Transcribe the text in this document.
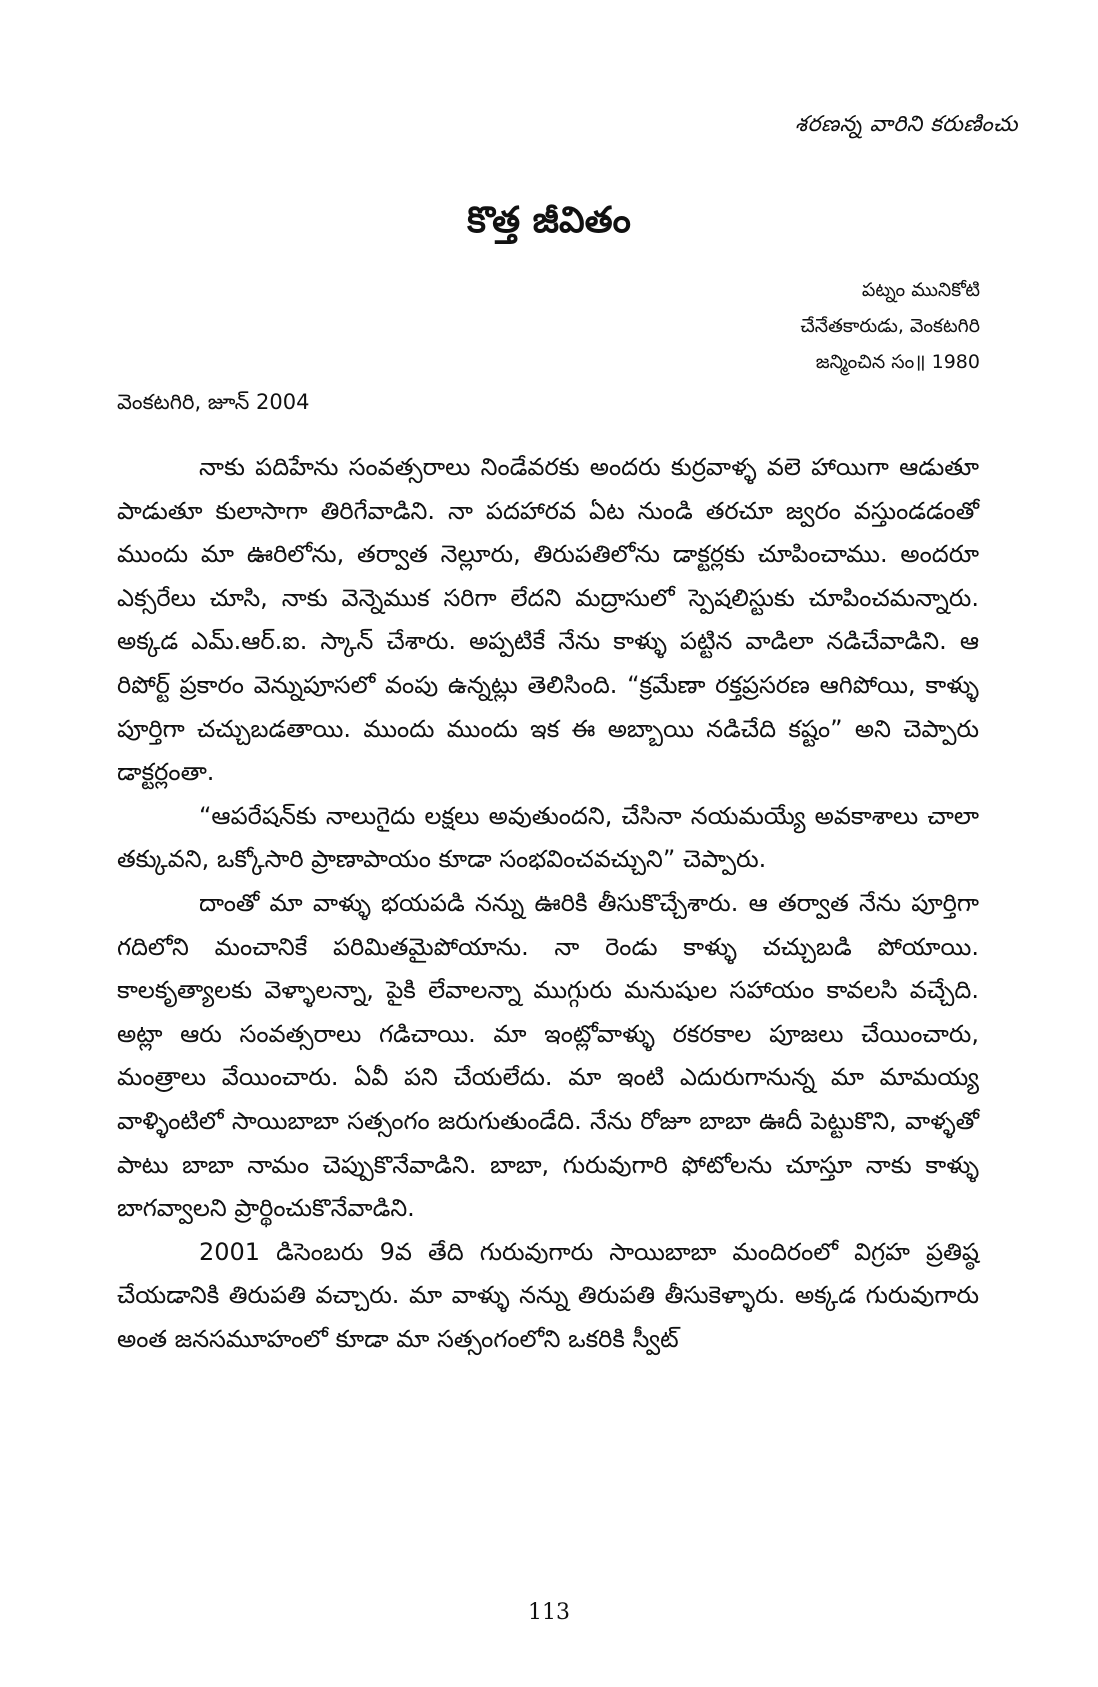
శరణన్న వారిని కరుణించు
కొత్త జీవితం
పట్నం మునికోటి
చేనేతకారుడు, వెంకటగిరి
జన్మించిన సం॥ 1980
వెంకటగిరి, జూన్ 2004

నాకు పదిహేను సంవత్సరాలు నిండేవరకు అందరు కుర్రవాళ్ళ వలె హాయిగా ఆడుతూ పాడుతూ కులాసాగా తిరిగేవాడిని. నా పదహారవ ఏట నుండి తరచూ జ్వరం వస్తుండడంతో ముందు మా ఊరిలోను, తర్వాత నెల్లూరు, తిరుపతిలోను డాక్టర్లకు చూపించాము. అందరూ ఎక్సరేలు చూసి, నాకు వెన్నెముక సరిగా లేదని మద్రాసులో స్పెషలిస్టుకు చూపించమన్నారు. అక్కడ ఎమ్.ఆర్.ఐ. స్కాన్ చేశారు. అప్పటికే నేను కాళ్ళు పట్టిన వాడిలా నడిచేవాడిని. ఆ రిపోర్ట్ ప్రకారం వెన్నుపూసలో వంపు ఉన్నట్లు తెలిసింది. “క్రమేణా రక్తప్రసరణ ఆగిపోయి, కాళ్ళు పూర్తిగా చచ్చుబడతాయి. ముందు ముందు ఇక ఈ అబ్బాయి నడిచేది కష్టం” అని చెప్పారు డాక్టర్లంతా.

“ఆపరేషన్‌కు నాలుగైదు లక్షలు అవుతుందని, చేసినా నయమయ్యే అవకాశాలు చాలా తక్కువని, ఒక్కోసారి ప్రాణాపాయం కూడా సంభవించవచ్చుని” చెప్పారు.

దాంతో మా వాళ్ళు భయపడి నన్ను ఊరికి తీసుకొచ్చేశారు. ఆ తర్వాత నేను పూర్తిగా గదిలోని మంచానికే పరిమితమైపోయాను. నా రెండు కాళ్ళు చచ్చుబడి పోయాయి. కాలకృత్యాలకు వెళ్ళాలన్నా, పైకి లేవాలన్నా ముగ్గురు మనుషుల సహాయం కావలసి వచ్చేది. అట్లా ఆరు సంవత్సరాలు గడిచాయి. మా ఇంట్లోవాళ్ళు రకరకాల పూజలు చేయించారు, మంత్రాలు వేయించారు. ఏవీ పని చేయలేదు. మా ఇంటి ఎదురుగానున్న మా మామయ్య వాళ్ళింటిలో సాయిబాబా సత్సంగం జరుగుతుండేది. నేను రోజూ బాబా ఊదీ పెట్టుకొని, వాళ్ళతో పాటు బాబా నామం చెప్పుకొనేవాడిని. బాబా, గురువుగారి ఫోటోలను చూస్తూ నాకు కాళ్ళు బాగవ్వాలని ప్రార్థించుకొనేవాడిని.

2001 డిసెంబరు 9వ తేది గురువుగారు సాయిబాబా మందిరంలో విగ్రహ ప్రతిష్ఠ చేయడానికి తిరుపతి వచ్చారు. మా వాళ్ళు నన్ను తిరుపతి తీసుకెళ్ళారు. అక్కడ గురువుగారు అంత జనసమూహంలో కూడా మా సత్సంగంలోని ఒకరికి స్వీట్

113
